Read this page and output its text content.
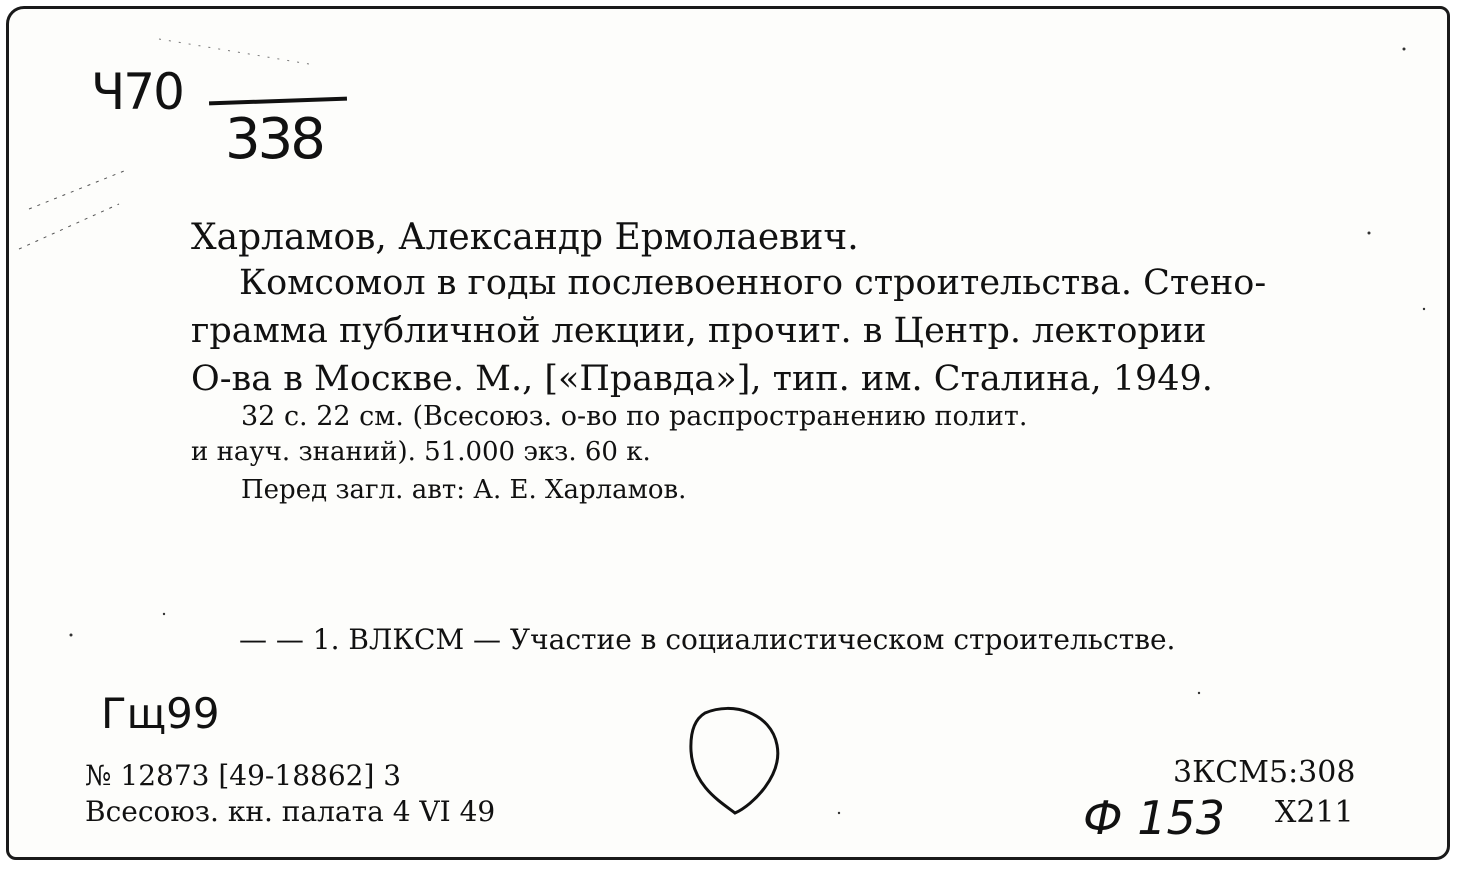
Ч70
338

Харламов, Александр Ермолаевич.

Комсомол в годы послевоенного строительства. Стено-

грамма публичной лекции, прочит. в Центр. лектории

О-ва в Москве. М., [«Правда»], тип. им. Сталина, 1949.

32 с. 22 см. (Всесоюз. о-во по распространению полит.

и науч. знаний). 51.000 экз. 60 к.

Перед загл. авт: А. Е. Харламов.

— — 1. ВЛКСМ — Участие в социалистическом строительстве.

Гщ99

№ 12873 [49-18862] 3

Всесоюз. кн. палата 4 VI 49

3КСМ5:308

Ф 153 Х211
